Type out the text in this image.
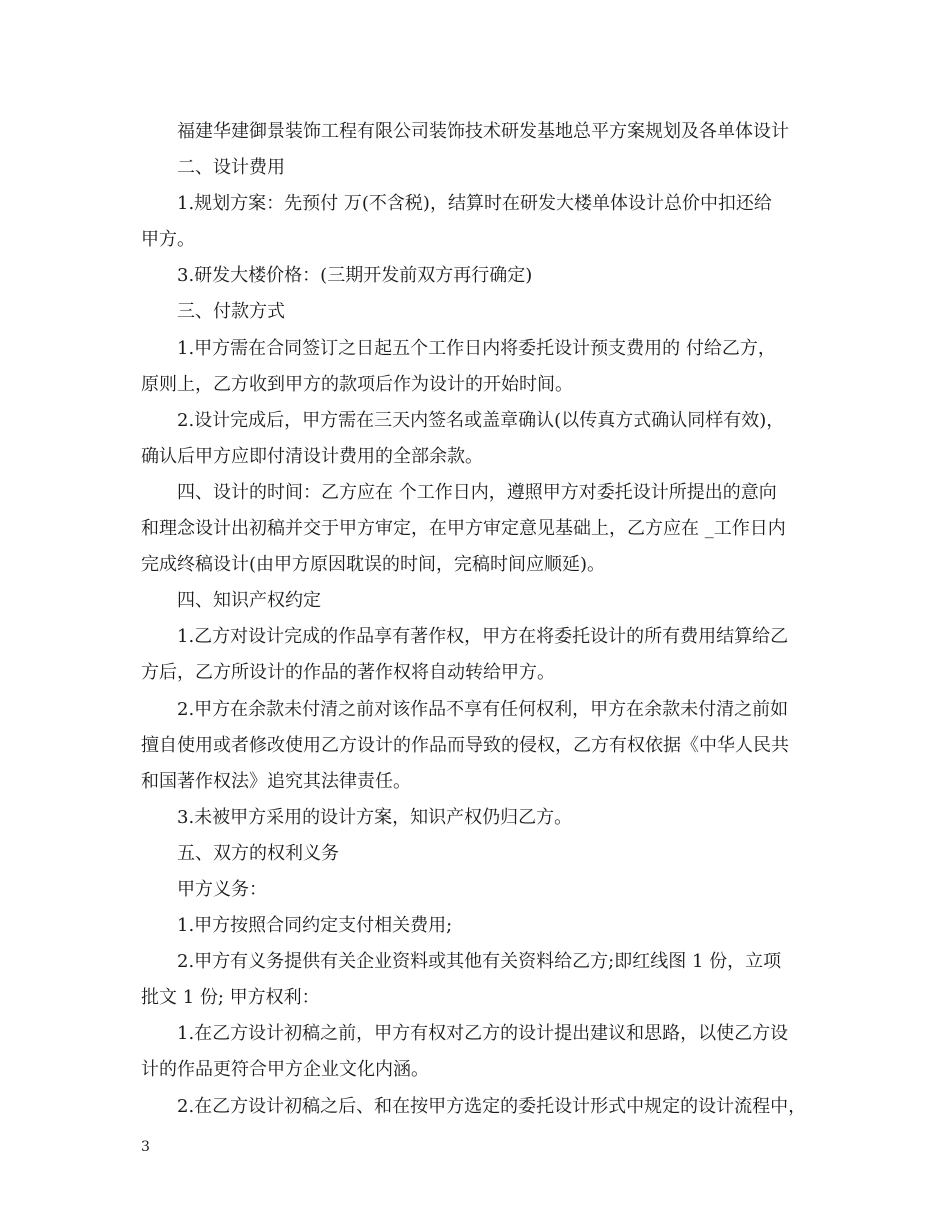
福建华建御景装饰工程有限公司装饰技术研发基地总平方案规划及各单体设计
二、设计费用
1.规划方案：先预付 万(不含税)，结算时在研发大楼单体设计总价中扣还给
甲方。
3.研发大楼价格：(三期开发前双方再行确定)
三、付款方式
1.甲方需在合同签订之日起五个工作日内将委托设计预支费用的 付给乙方，
原则上，乙方收到甲方的款项后作为设计的开始时间。
2.设计完成后，甲方需在三天内签名或盖章确认(以传真方式确认同样有效)，
确认后甲方应即付清设计费用的全部余款。
四、设计的时间：乙方应在 个工作日内，遵照甲方对委托设计所提出的意向
和理念设计出初稿并交于甲方审定，在甲方审定意见基础上，乙方应在 _工作日内
完成终稿设计(由甲方原因耽误的时间，完稿时间应顺延)。
四、知识产权约定
1.乙方对设计完成的作品享有著作权，甲方在将委托设计的所有费用结算给乙
方后，乙方所设计的作品的著作权将自动转给甲方。
2.甲方在余款未付清之前对该作品不享有任何权利，甲方在余款未付清之前如
擅自使用或者修改使用乙方设计的作品而导致的侵权，乙方有权依据《中华人民共
和国著作权法》追究其法律责任。
3.未被甲方采用的设计方案，知识产权仍归乙方。
五、双方的权利义务
甲方义务：
1.甲方按照合同约定支付相关费用;
2.甲方有义务提供有关企业资料或其他有关资料给乙方;即红线图 1 份，立项
批文 1 份; 甲方权利：
1.在乙方设计初稿之前，甲方有权对乙方的设计提出建议和思路，以使乙方设
计的作品更符合甲方企业文化内涵。
2.在乙方设计初稿之后、和在按甲方选定的委托设计形式中规定的设计流程中，
3
